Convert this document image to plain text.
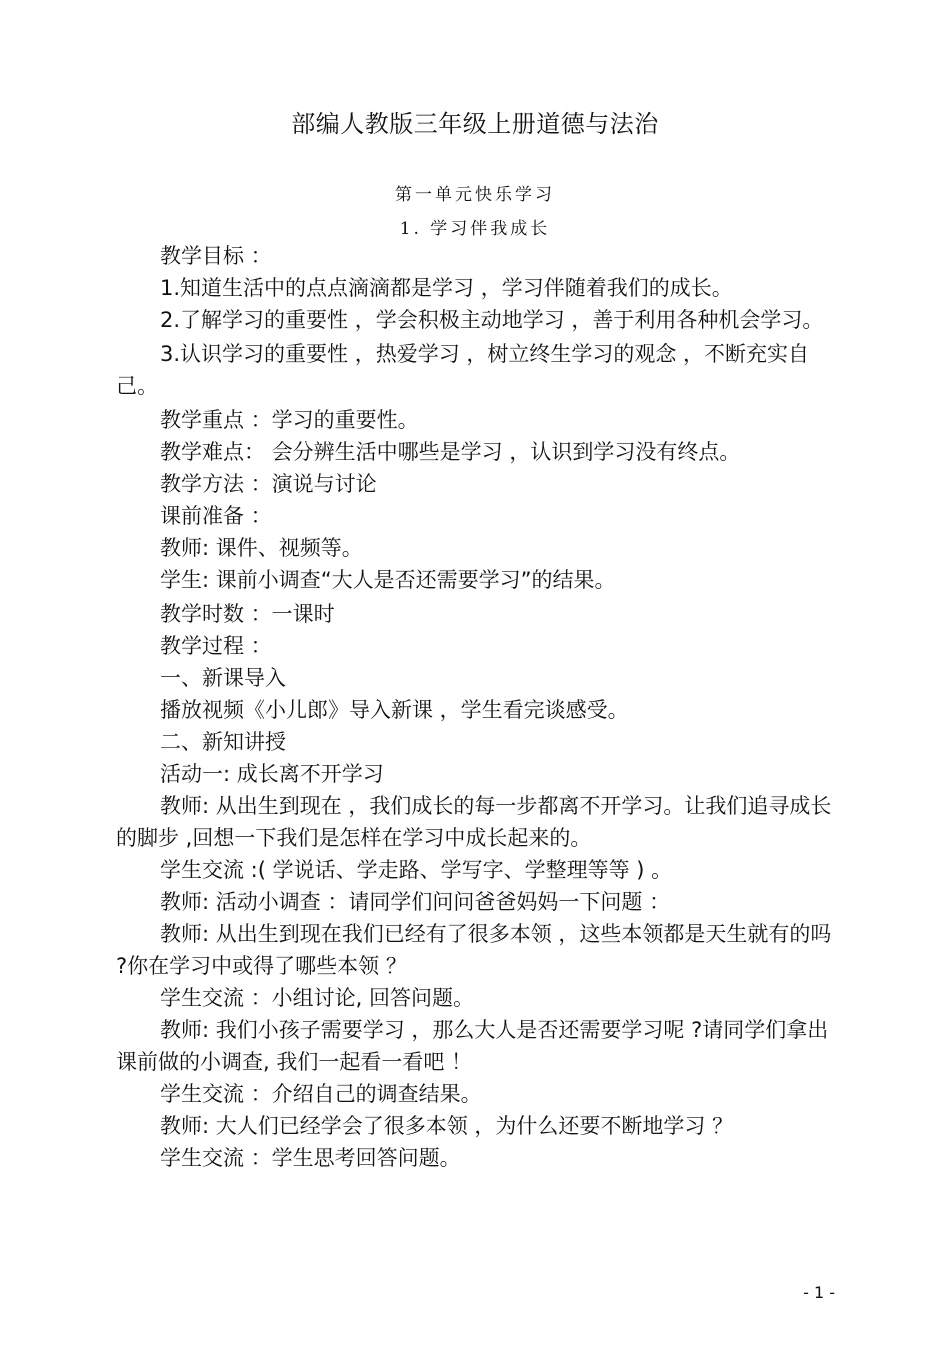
部编人教版三年级上册道德与法治
第一单元快乐学习
1. 学习伴我成长

教学目标 ：

1.知道生活中的点点滴滴都是学习 ，学习伴随着我们的成长。

2.了解学习的重要性 ，学会积极主动地学习 ，善于利用各种机会学习。

3.认识学习的重要性 ，热爱学习 ，树立终生学习的观念 ，不断充实自己。

教学重点 ：学习的重要性。

教学难点： 会分辨生活中哪些是学习 ，认识到学习没有终点。

教学方法 ：演说与讨论

课前准备 ：

教师: 课件、视频等。

学生: 课前小调查“大人是否还需要学习”的结果。

教学时数 ：一课时

教学过程 ：

一、新课导入

播放视频《小儿郎》导入新课 ，学生看完谈感受。

二、新知讲授

活动一: 成长离不开学习

教师: 从出生到现在 ，我们成长的每一步都离不开学习。让我们追寻成长的脚步 ,回想一下我们是怎样在学习中成长起来的。

学生交流 :( 学说话、学走路、学写字、学整理等等 ) 。

教师: 活动小调查 ：请同学们问问爸爸妈妈一下问题 ：

教师: 从出生到现在我们已经有了很多本领 ，这些本领都是天生就有的吗 ?你在学习中或得了哪些本领 ？

学生交流 ：小组讨论, 回答问题。

教师: 我们小孩子需要学习 ，那么大人是否还需要学习呢 ?请同学们拿出课前做的小调查, 我们一起看一看吧 ！

学生交流 ：介绍自己的调查结果。

教师: 大人们已经学会了很多本领 ，为什么还要不断地学习 ？

学生交流 ：学生思考回答问题。

- 1 -
